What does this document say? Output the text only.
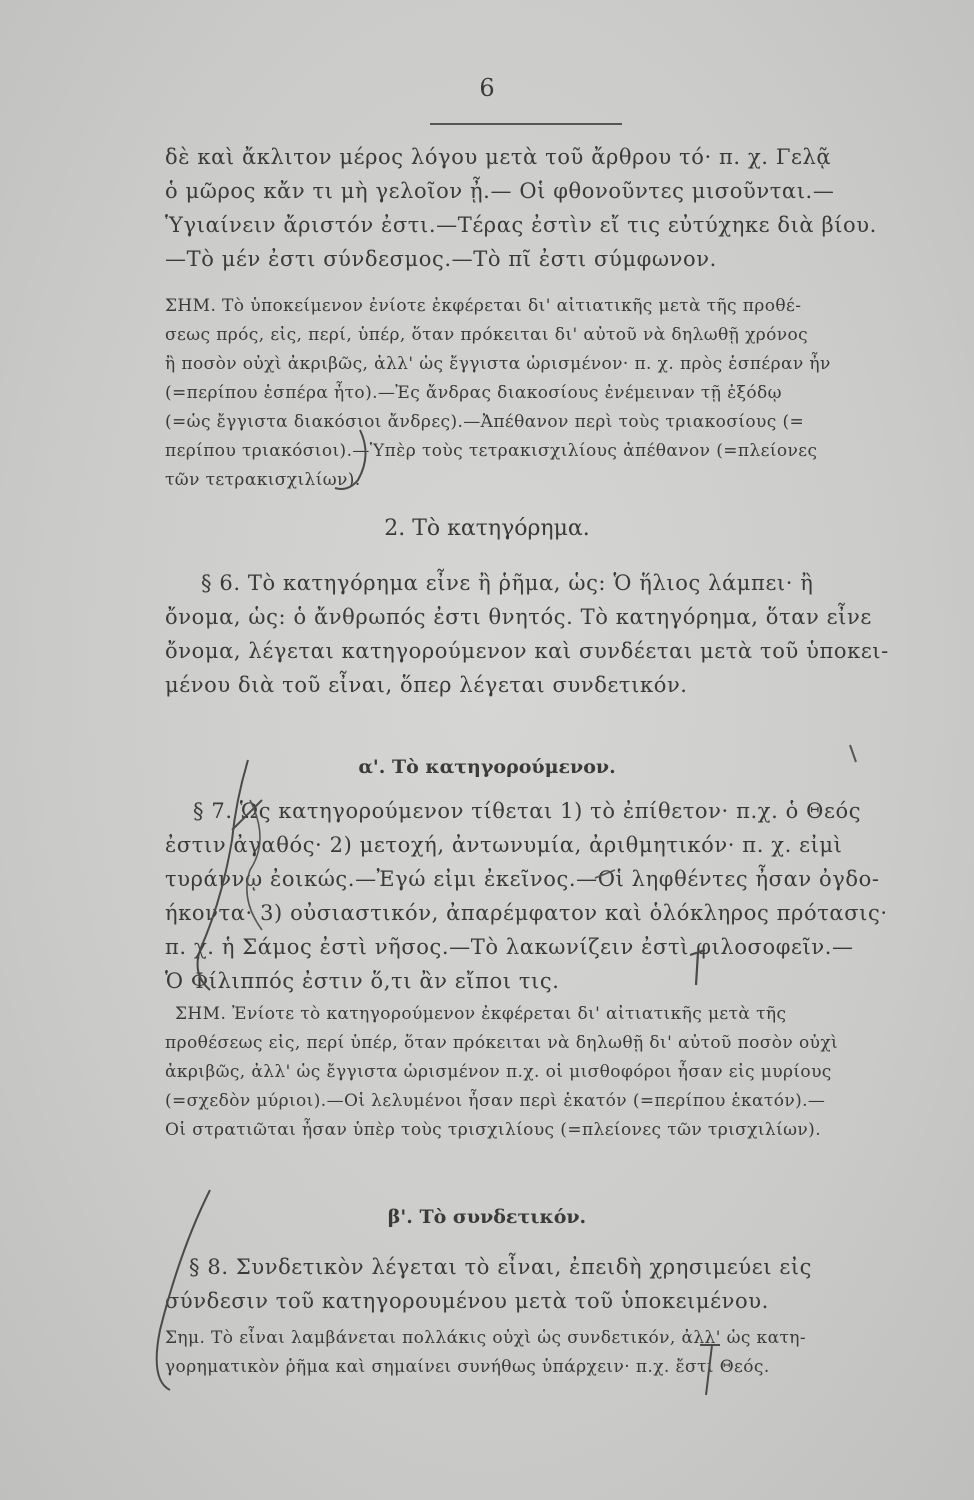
6
δὲ καὶ ἄκλιτον μέρος λόγου μετὰ τοῦ ἄρθρου τό· π. χ. Γελᾷ
ὁ μῶρος κἄν τι μὴ γελοῖον ᾖ.— Οἱ φθονοῦντες μισοῦνται.—
Ὑγιαίνειν ἄριστόν ἐστι.—Τέρας ἐστὶν εἴ τις εὐτύχηκε διὰ βίου.
—Τὸ μέν ἐστι σύνδεσμος.—Τὸ πῖ ἐστι σύμφωνον.
ΣΗΜ. Τὸ ὑποκείμενον ἐνίοτε ἐκφέρεται δι' αἰτιατικῆς μετὰ τῆς προθέ-
σεως πρός, εἰς, περί, ὑπέρ, ὅταν πρόκειται δι' αὐτοῦ νὰ δηλωθῇ χρόνος
ἢ ποσὸν οὐχὶ ἀκριβῶς, ἀλλ' ὡς ἔγγιστα ὡρισμένον· π. χ. πρὸς ἑσπέραν ἦν
(=περίπου ἑσπέρα ἦτο).—Ἐς ἄνδρας διακοσίους ἐνέμειναν τῇ ἐξόδῳ
(=ὡς ἔγγιστα διακόσιοι ἄνδρες).—Ἀπέθανον περὶ τοὺς τριακοσίους (=
περίπου τριακόσιοι).—Ὑπὲρ τοὺς τετρακισχιλίους ἀπέθανον (=πλείονες
τῶν τετρακισχιλίων).
2. Τὸ κατηγόρημα.
§ 6. Τὸ κατηγόρημα εἶνε ἢ ῥῆμα, ὡς: Ὁ ἥλιος λάμπει· ἢ
ὄνομα, ὡς: ὁ ἄνθρωπός ἐστι θνητός. Τὸ κατηγόρημα, ὅταν εἶνε
ὄνομα, λέγεται κατηγορούμενον καὶ συνδέεται μετὰ τοῦ ὑποκει-
μένου διὰ τοῦ εἶναι, ὅπερ λέγεται συνδετικόν.
α'. Τὸ κατηγορούμενον.
§ 7. Ὡς κατηγορούμενον τίθεται 1) τὸ ἐπίθετον· π.χ. ὁ Θεός
ἐστιν ἀγαθός· 2) μετοχή, ἀντωνυμία, ἀριθμητικόν· π. χ. εἰμὶ
τυράννῳ ἐοικώς.—Ἐγώ εἰμι ἐκεῖνος.—Οἱ ληφθέντες ἦσαν ὀγδο-
ήκοντα· 3) οὐσιαστικόν, ἀπαρέμφατον καὶ ὁλόκληρος πρότασις·
π. χ. ἡ Σάμος ἐστὶ νῆσος.—Τὸ λακωνίζειν ἐστὶ φιλοσοφεῖν.—
Ὁ Φίλιππός ἐστιν ὅ,τι ἂν εἴποι τις.
ΣΗΜ. Ἐνίοτε τὸ κατηγορούμενον ἐκφέρεται δι' αἰτιατικῆς μετὰ τῆς
προθέσεως εἰς, περί ὑπέρ, ὅταν πρόκειται νὰ δηλωθῇ δι' αὐτοῦ ποσὸν οὐχὶ
ἀκριβῶς, ἀλλ' ὡς ἔγγιστα ὡρισμένον π.χ. οἱ μισθοφόροι ἦσαν εἰς μυρίους
(=σχεδὸν μύριοι).—Οἱ λελυμένοι ἦσαν περὶ ἑκατόν (=περίπου ἑκατόν).—
Οἱ στρατιῶται ἦσαν ὑπὲρ τοὺς τρισχιλίους (=πλείονες τῶν τρισχιλίων).
β'. Τὸ συνδετικόν.
§ 8. Συνδετικὸν λέγεται τὸ εἶναι, ἐπειδὴ χρησιμεύει εἰς
σύνδεσιν τοῦ κατηγορουμένου μετὰ τοῦ ὑποκειμένου.
Σημ. Τὸ εἶναι λαμβάνεται πολλάκις οὐχὶ ὡς συνδετικόν, ἀλλ' ὡς κατη-
γορηματικὸν ῥῆμα καὶ σημαίνει συνήθως ὑπάρχειν· π.χ. ἔστι Θεός.
